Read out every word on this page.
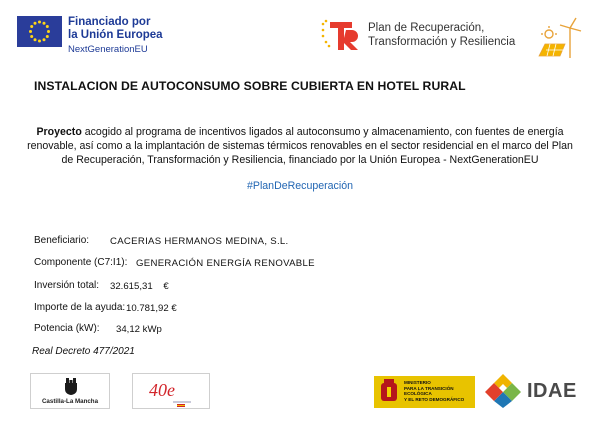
Financiado por
la Unión Europea
NextGenerationEU
Plan de Recuperación,
Transformación y Resiliencia
INSTALACION DE AUTOCONSUMO SOBRE CUBIERTA EN HOTEL RURAL

Proyecto acogido al programa de incentivos ligados al autoconsumo y almacenamiento, con fuentes de energía renovable, así como a la implantación de sistemas térmicos renovables en el sector residencial en el marco del Plan de Recuperación, Transformación y Resiliencia, financiado por la Unión Europea - NextGenerationEU

#PlanDeRecuperación
Beneficiario: CACERIAS HERMANOS MEDINA, S.L.
Componente (C7:I1): GENERACIÓN ENERGÍA RENOVABLE
Inversión total: 32.615,31    €
Importe de la ayuda: 10.781,92 €
Potencia (kW): 34,12 kWp
Real Decreto 477/2021
Castilla-La Mancha
40e	MINISTERIO
PARA LA TRANSICIÓN ECOLÓGICA
Y EL RETO DEMOGRÁFICO	IDAE
